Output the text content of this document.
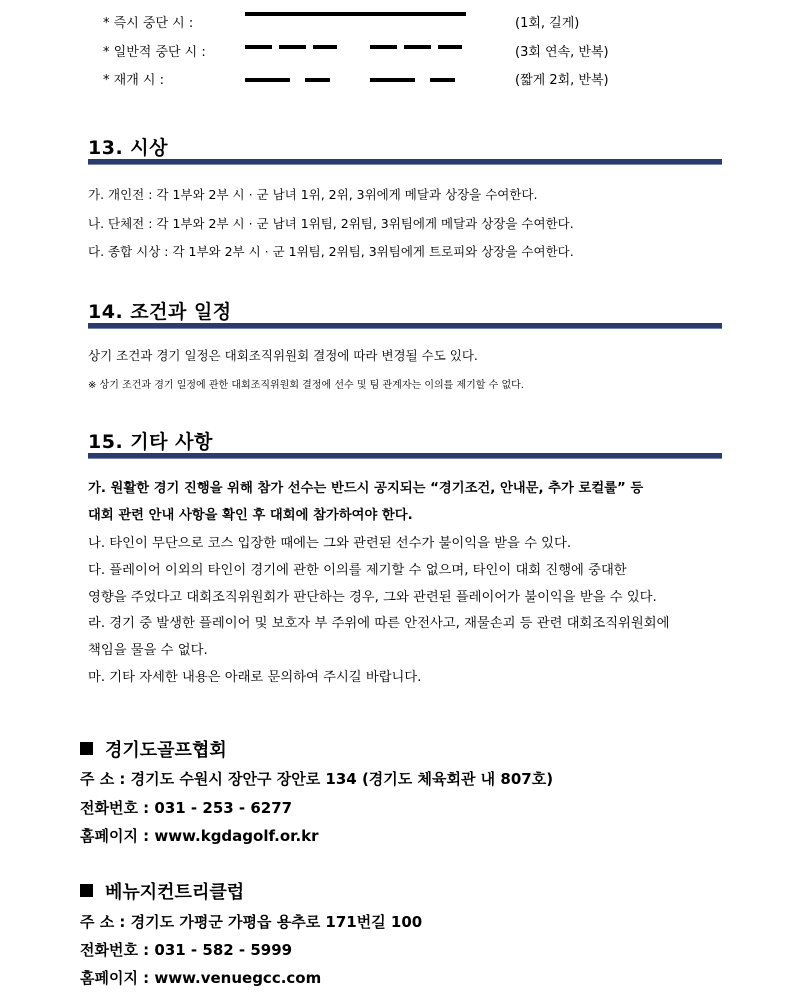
* 즉시 중단 시 :	(1회, 길게)
* 일반적 중단 시 :	(3회 연속, 반복)
* 재개 시 :	(짧게 2회, 반복)
13. 시상
가. 개인전 : 각 1부와 2부 시 · 군 남녀 1위, 2위, 3위에게 메달과 상장을 수여한다.
나. 단체전 : 각 1부와 2부 시 · 군 남녀 1위팀, 2위팀, 3위팀에게 메달과 상장을 수여한다.
다. 종합 시상 : 각 1부와 2부 시 · 군 1위팀, 2위팀, 3위팀에게 트로피와 상장을 수여한다.
14. 조건과 일정
상기 조건과 경기 일정은 대회조직위원회 결정에 따라 변경될 수도 있다.
※ 상기 조건과 경기 일정에 관한 대회조직위원회 결정에 선수 및 팀 관계자는 이의를 제기할 수 없다.
15. 기타 사항
가. 원활한 경기 진행을 위해 참가 선수는 반드시 공지되는 “경기조건, 안내문, 추가 로컬룰” 등
대회 관련 안내 사항을 확인 후 대회에 참가하여야 한다.
나. 타인이 무단으로 코스 입장한 때에는 그와 관련된 선수가 불이익을 받을 수 있다.
다. 플레이어 이외의 타인이 경기에 관한 이의를 제기할 수 없으며, 타인이 대회 진행에 중대한
영향을 주었다고 대회조직위원회가 판단하는 경우, 그와 관련된 플레이어가 불이익을 받을 수 있다.
라. 경기 중 발생한 플레이어 및 보호자 부 주위에 따른 안전사고, 재물손괴 등 관련 대회조직위원회에
책임을 물을 수 없다.
마. 기타 자세한 내용은 아래로 문의하여 주시길 바랍니다.
경기도골프협회
주 소 : 경기도 수원시 장안구 장안로 134 (경기도 체육회관 내 807호)
전화번호 : 031 - 253 - 6277
홈페이지 : www.kgdagolf.or.kr
베뉴지컨트리클럽
주 소 : 경기도 가평군 가평읍 용추로 171번길 100
전화번호 : 031 - 582 - 5999
홈페이지 : www.venuegcc.com
